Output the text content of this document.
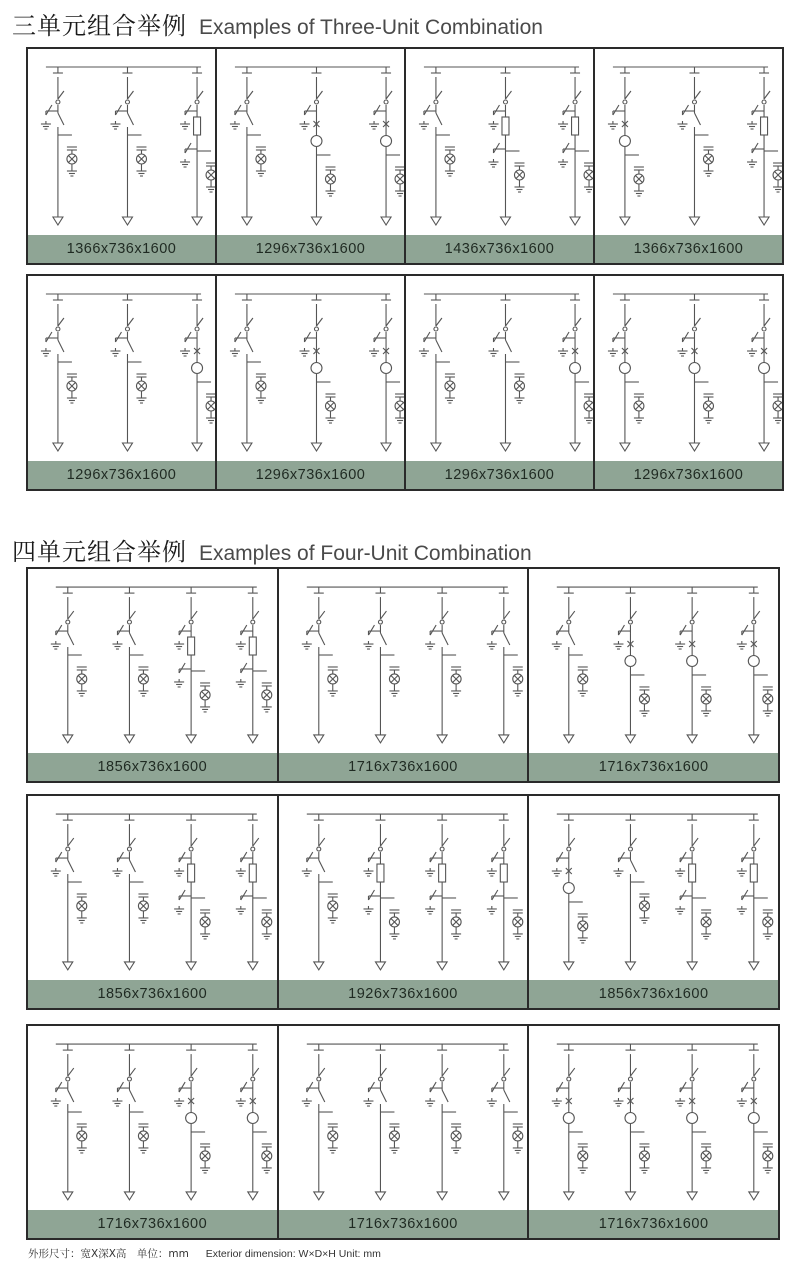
三单元组合举例 Examples of Three-Unit Combination
1366x736x1600	1296x736x1600	1436x736x1600	1366x736x1600
1296x736x1600	1296x736x1600	1296x736x1600	1296x736x1600
四单元组合举例 Examples of Four-Unit Combination
1856x736x1600	1716x736x1600	1716x736x1600
1856x736x1600	1926x736x1600	1856x736x1600
1716x736x1600	1716x736x1600	1716x736x1600
外形尺寸：宽X深X高　单位：mm Exterior dimension: W×D×H Unit: mm
